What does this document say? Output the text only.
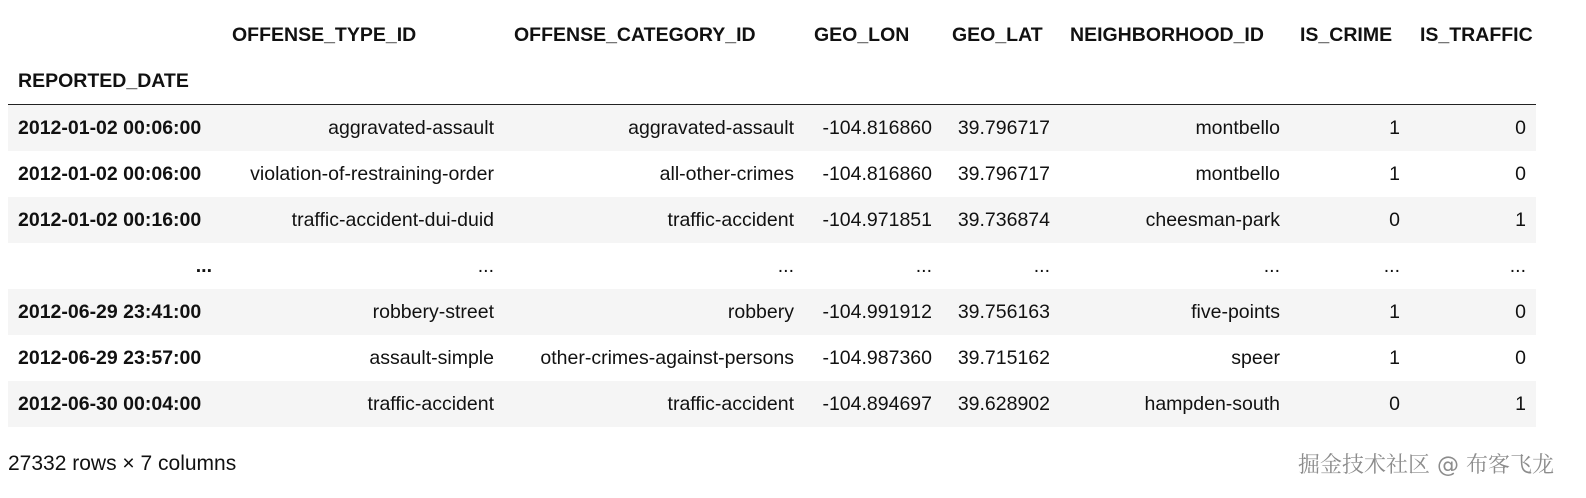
	OFFENSE_TYPE_ID	OFFENSE_CATEGORY_ID	GEO_LON	GEO_LAT	NEIGHBORHOOD_ID	IS_CRIME	IS_TRAFFIC
REPORTED_DATE							
2012-01-02 00:06:00	aggravated-assault	aggravated-assault	-104.816860	39.796717	montbello	1	0
2012-01-02 00:06:00	violation-of-restraining-order	all-other-crimes	-104.816860	39.796717	montbello	1	0
2012-01-02 00:16:00	traffic-accident-dui-duid	traffic-accident	-104.971851	39.736874	cheesman-park	0	1
...	...	...	...	...	...	...	...
2012-06-29 23:41:00	robbery-street	robbery	-104.991912	39.756163	five-points	1	0
2012-06-29 23:57:00	assault-simple	other-crimes-against-persons	-104.987360	39.715162	speer	1	0
2012-06-30 00:04:00	traffic-accident	traffic-accident	-104.894697	39.628902	hampden-south	0	1
27332 rows × 7 columns	掘金技术社区 @ 布客飞龙
